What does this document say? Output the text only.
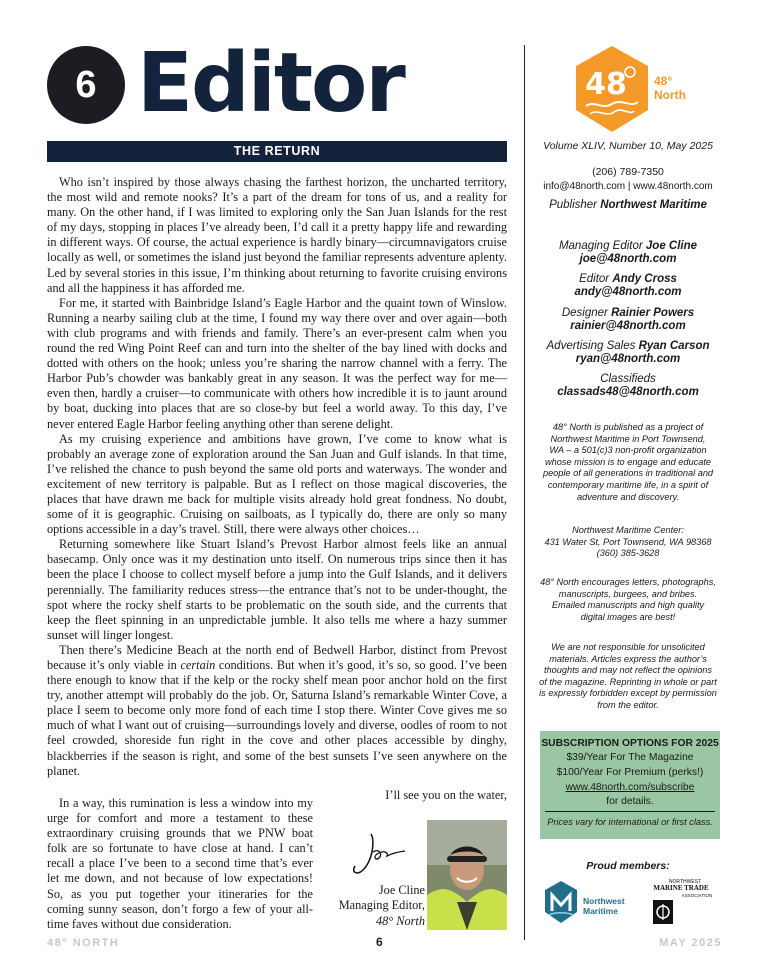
6 Editor
THE RETURN

Who isn’t inspired by those always chasing the farthest horizon, the uncharted territory, the most wild and remote nooks? It’s a part of the dream for tons of us, and a reality for many. On the other hand, if I was limited to exploring only the San Juan Islands for the rest of my days, stopping in places I’ve already been, I’d call it a pretty happy life and rewarding in different ways. Of course, the actual experience is hardly binary—circumnavigators cruise locally as well, or sometimes the island just beyond the familiar represents adventure aplenty. Led by several stories in this issue, I’m thinking about returning to favorite cruising environs and all the happiness it has afforded me.

For me, it started with Bainbridge Island’s Eagle Harbor and the quaint town of Winslow. Running a nearby sailing club at the time, I found my way there over and over again—both with club programs and with friends and family. There’s an ever-present calm when you round the red Wing Point Reef can and turn into the shelter of the bay lined with docks and dotted with others on the hook; unless you’re sharing the narrow channel with a ferry. The Harbor Pub’s chowder was bankably great in any season. It was the perfect way for me—even then, hardly a cruiser—to communicate with others how incredible it is to jaunt around by boat, ducking into places that are so close-by but feel a world away. To this day, I’ve never entered Eagle Harbor feeling anything other than serene delight.

As my cruising experience and ambitions have grown, I’ve come to know what is probably an average zone of exploration around the San Juan and Gulf islands. In that time, I’ve relished the chance to push beyond the same old ports and waterways. The wonder and excitement of new territory is palpable. But as I reflect on those magical discoveries, the places that have drawn me back for multiple visits already hold great fondness. No doubt, some of it is geographic. Cruising on sailboats, as I typically do, there are only so many options accessible in a day’s travel. Still, there were always other choices…

Returning somewhere like Stuart Island’s Prevost Harbor almost feels like an annual basecamp. Only once was it my destination unto itself. On numerous trips since then it has been the place I choose to collect myself before a jump into the Gulf Islands, and it delivers perennially. The familiarity reduces stress—the entrance that’s not to be under-thought, the spot where the rocky shelf starts to be problematic on the south side, and the currents that keep the fleet spinning in an unpredictable jumble. It also tells me where a hazy summer sunset will linger longest.

Then there’s Medicine Beach at the north end of Bedwell Harbor, distinct from Prevost because it’s only viable in certain conditions. But when it’s good, it’s so, so good. I’ve been there enough to know that if the kelp or the rocky shelf mean poor anchor hold on the first try, another attempt will probably do the job. Or, Saturna Island’s remarkable Winter Cove, a place I seem to become only more fond of each time I stop there. Winter Cove gives me so much of what I want out of cruising—surroundings lovely and diverse, oodles of room to not feel crowded, shoreside fun right in the cove and other places accessible by dinghy, blackberries if the season is right, and some of the best sunsets I’ve seen anywhere on the planet.

I’ll see you on the water,
In a way, this rumination is less a window into my urge for comfort and more a testament to these extraordinary cruising grounds that we PNW boat folk are so fortunate to have close at hand. I can’t recall a place I’ve been to a second time that’s ever let me down, and not because of low expectations! So, as you put together your itineraries for the coming sunny season, don’t forgo a few of your all-time faves without due consideration.
Joe Cline
Managing Editor,
48° North
48 48°
North
Volume XLIV, Number 10, May 2025
(206) 789-7350
info@48north.com | www.48north.com
Publisher Northwest Maritime
Managing Editor Joe Cline
joe@48north.com
Editor Andy Cross
andy@48north.com
Designer Rainier Powers
rainier@48north.com
Advertising Sales Ryan Carson
ryan@48north.com
Classifieds
classads48@48north.com
48° North is published as a project of
Northwest Maritime in Port Townsend,
WA – a 501(c)3 non-profit organization
whose mission is to engage and educate
people of all generations in traditional and
contemporary maritime life, in a spirit of
adventure and discovery.
Northwest Maritime Center:
431 Water St, Port Townsend, WA 98368
(360) 385-3628
48° North encourages letters, photographs,
manuscripts, burgees, and bribes.
Emailed manuscripts and high quality
digital images are best!
We are not responsible for unsolicited
materials. Articles express the author’s
thoughts and may not reflect the opinions
of the magazine. Reprinting in whole or part
is expressly forbidden except by permission
from the editor.
SUBSCRIPTION OPTIONS FOR 2025
$39/Year For The Magazine
$100/Year For Premium (perks!)
www.48north.com/subscribe
for details.
Prices vary for international or first class.
Proud members:
Northwest
Maritime
NORTHWEST
MARINE TRADE
ASSOCIATION
48° NORTH	6	MAY 2025
